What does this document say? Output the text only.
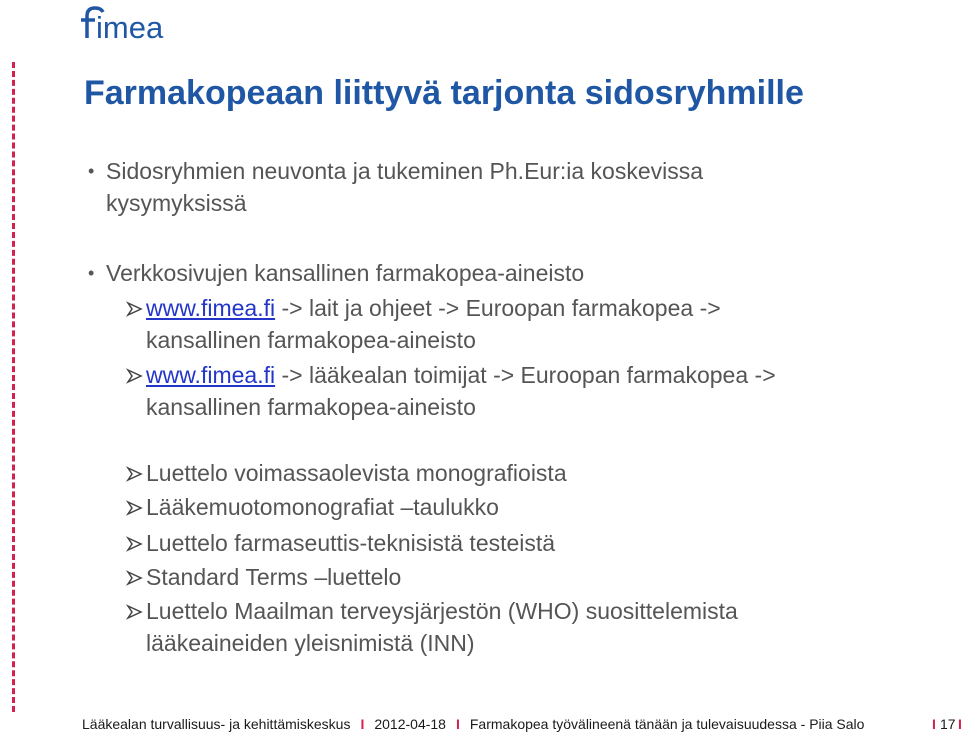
imea
Farmakopeaan liittyvä tarjonta sidosryhmille
• Sidosryhmien neuvonta ja tukeminen Ph.Eur:ia koskevissa
kysymyksissä
• Verkkosivujen kansallinen farmakopea-aineisto
www.fimea.fi -> lait ja ohjeet -> Euroopan farmakopea ->
kansallinen farmakopea-aineisto
www.fimea.fi -> lääkealan toimijat -> Euroopan farmakopea ->
kansallinen farmakopea-aineisto
Luettelo voimassaolevista monografioista
Lääkemuotomonografiat –taulukko
Luettelo farmaseuttis-teknisistä testeistä
Standard Terms –luettelo
Luettelo Maailman terveysjärjestön (WHO) suosittelemista
lääkeaineiden yleisnimistä (INN)
Lääkealan turvallisuus- ja kehittämiskeskus I 2012-04-18 I Farmakopea työvälineenä tänään ja tulevaisuudessa - Piia Salo	I 17 I
